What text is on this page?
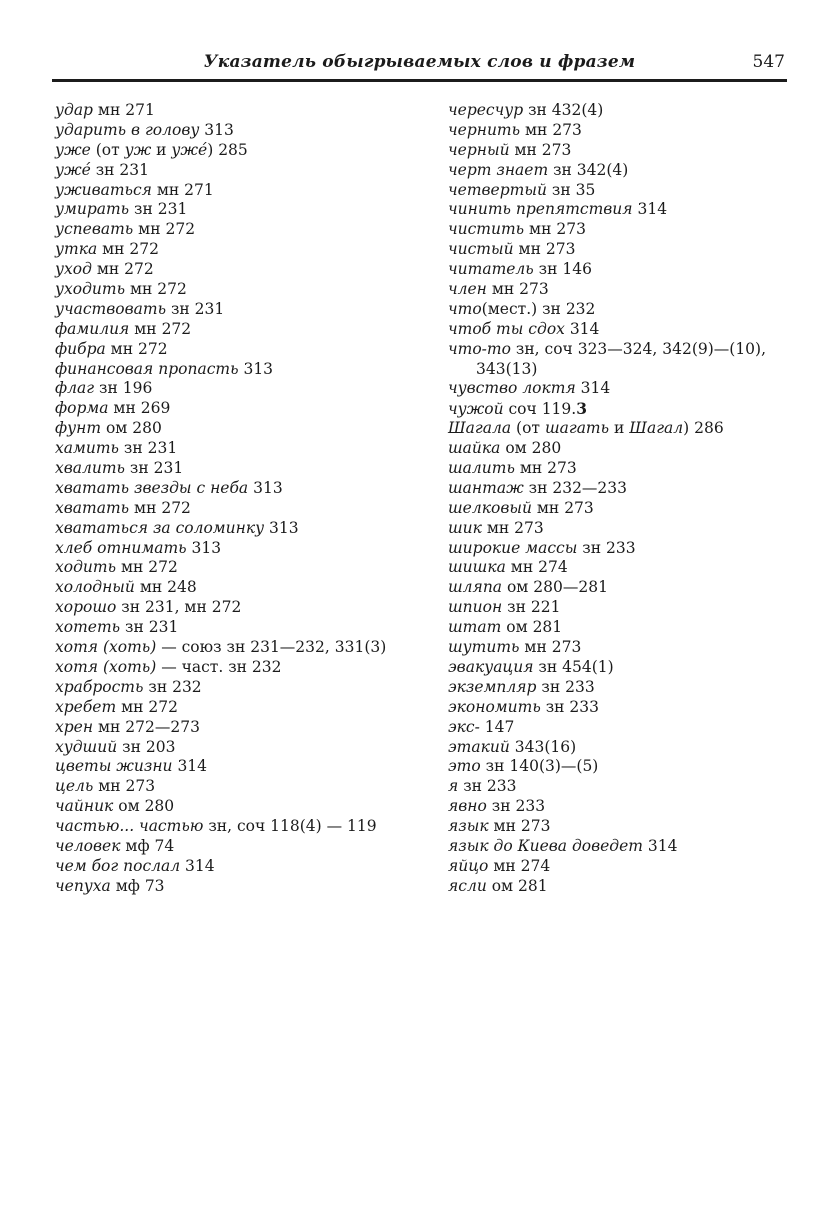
Указатель обыгрываемых слов и фразем	547
удар мн 271
ударить в голову 313
уже (от уж и уже́) 285
уже́ зн 231
уживаться мн 271
умирать зн 231
успевать мн 272
утка мн 272
уход мн 272
уходить мн 272
участвовать зн 231
фамилия мн 272
фибра мн 272
финансовая пропасть 313
флаг зн 196
форма мн 269
фунт ом 280
хамить зн 231
хвалить зн 231
хватать звезды с неба 313
хватать мн 272
хвататься за соломинку 313
хлеб отнимать 313
ходить мн 272
холодный мн 248
хорошо зн 231, мн 272
хотеть зн 231
хотя (хоть) — союз зн 231—232, 331(3)
хотя (хоть) — част. зн 232
храбрость зн 232
хребет мн 272
хрен мн 272—273
худший зн 203
цветы жизни 314
цель мн 273
чайник ом 280
частью... частью зн, соч 118(4) — 119
человек мф 74
чем бог послал 314
чепуха мф 73
чересчур зн 432(4)
чернить мн 273
черный мн 273
черт знает зн 342(4)
четвертый зн 35
чинить препятствия 314
чистить мн 273
чистый мн 273
читатель зн 146
член мн 273
что(мест.) зн 232
чтоб ты сдох 314
что-то зн, соч 323—324, 342(9)—(10),
343(13)
чувство локтя 314
чужой соч 119.3
Шагала (от шагать и Шагал) 286
шайка ом 280
шалить мн 273
шантаж зн 232—233
шелковый мн 273
шик мн 273
широкие массы зн 233
шишка мн 274
шляпа ом 280—281
шпион зн 221
штат ом 281
шутить мн 273
эвакуация зн 454(1)
экземпляр зн 233
экономить зн 233
экс- 147
этакий 343(16)
это зн 140(3)—(5)
я зн 233
явно зн 233
язык мн 273
язык до Киева доведет 314
яйцо мн 274
ясли ом 281
